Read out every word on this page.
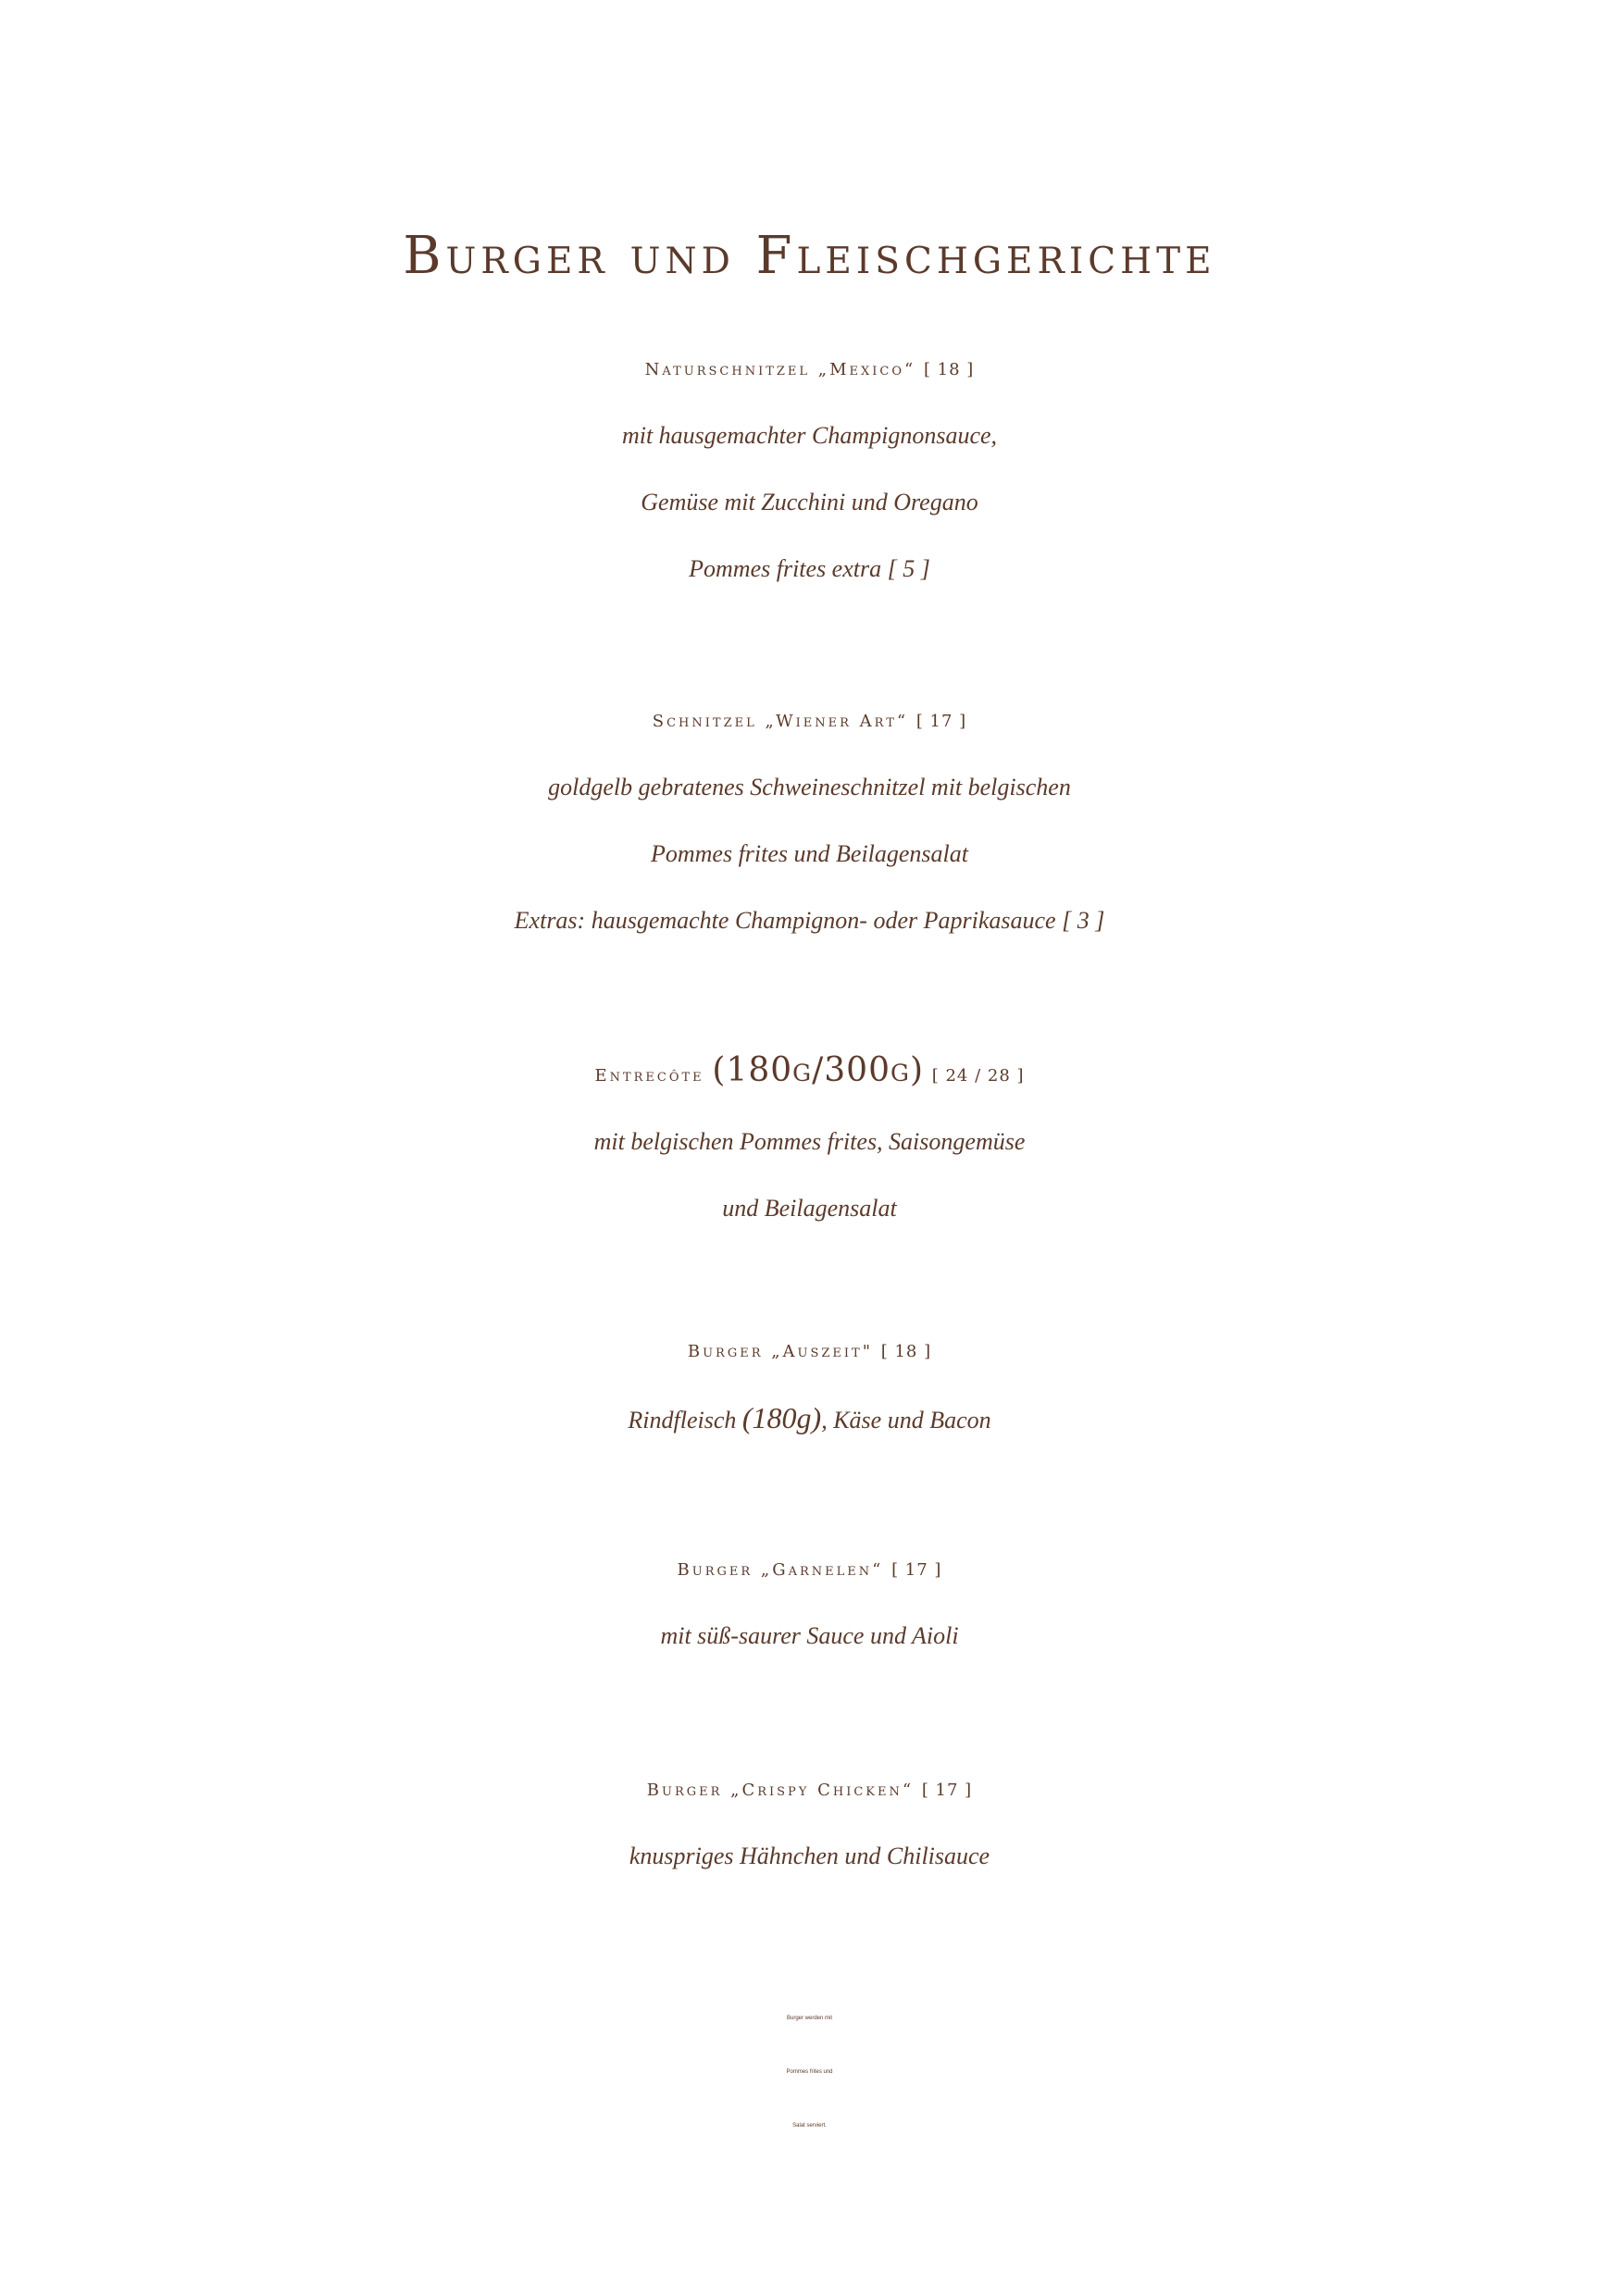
Burger und Fleischgerichte
Naturschnitzel „Mexico“ [ 18 ]
mit hausgemachter Champignonsauce,
Gemüse mit Zucchini und Oregano
Pommes frites extra [ 5 ]
Schnitzel „Wiener Art“ [ 17 ]
goldgelb gebratenes Schweineschnitzel mit belgischen
Pommes frites und Beilagensalat
Extras: hausgemachte Champignon- oder Paprikasauce [ 3 ]
Entrecôte (180g/300g) [ 24 / 28 ]
mit belgischen Pommes frites, Saisongemüse
und Beilagensalat
Burger „Auszeit" [ 18 ]
Rindfleisch (180g), Käse und Bacon
Burger „Garnelen“ [ 17 ]
mit süß-saurer Sauce und Aioli
Burger „Crispy Chicken“ [ 17 ]
knuspriges Hähnchen und Chilisauce
Burger werden mit
Pommes frites und
Salat serviert.
